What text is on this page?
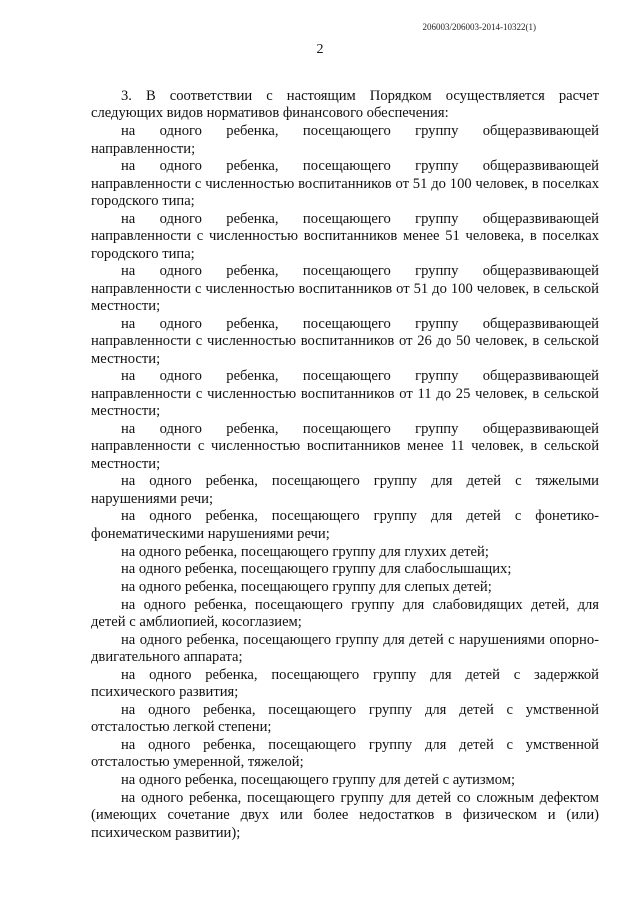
206003/206003-2014-10322(1)
2

3. В соответствии с настоящим Порядком осуществляется расчет следующих видов нормативов финансового обеспечения:

на одного ребенка, посещающего группу общеразвивающей направленности;

на одного ребенка, посещающего группу общеразвивающей направленности с численностью воспитанников от 51 до 100 человек, в поселках городского типа;

на одного ребенка, посещающего группу общеразвивающей направленности с численностью воспитанников менее 51 человека, в поселках городского типа;

на одного ребенка, посещающего группу общеразвивающей направленности с численностью воспитанников от 51 до 100 человек, в сельской местности;

на одного ребенка, посещающего группу общеразвивающей направленности с численностью воспитанников от 26 до 50 человек, в сельской местности;

на одного ребенка, посещающего группу общеразвивающей направленности с численностью воспитанников от 11 до 25 человек, в сельской местности;

на одного ребенка, посещающего группу общеразвивающей направленности с численностью воспитанников менее 11 человек, в сельской местности;

на одного ребенка, посещающего группу для детей с тяжелыми нарушениями речи;

на одного ребенка, посещающего группу для детей с фонетико-фонематическими нарушениями речи;

на одного ребенка, посещающего группу для глухих детей;

на одного ребенка, посещающего группу для слабослышащих;

на одного ребенка, посещающего группу для слепых детей;

на одного ребенка, посещающего группу для слабовидящих детей, для детей с амблиопией, косоглазием;

на одного ребенка, посещающего группу для детей с нарушениями опорно-двигательного аппарата;

на одного ребенка, посещающего группу для детей с задержкой психического развития;

на одного ребенка, посещающего группу для детей с умственной отсталостью легкой степени;

на одного ребенка, посещающего группу для детей с умственной отсталостью умеренной, тяжелой;

на одного ребенка, посещающего группу для детей с аутизмом;

на одного ребенка, посещающего группу для детей со сложным дефектом (имеющих сочетание двух или более недостатков в физическом и (или) психическом развитии);
